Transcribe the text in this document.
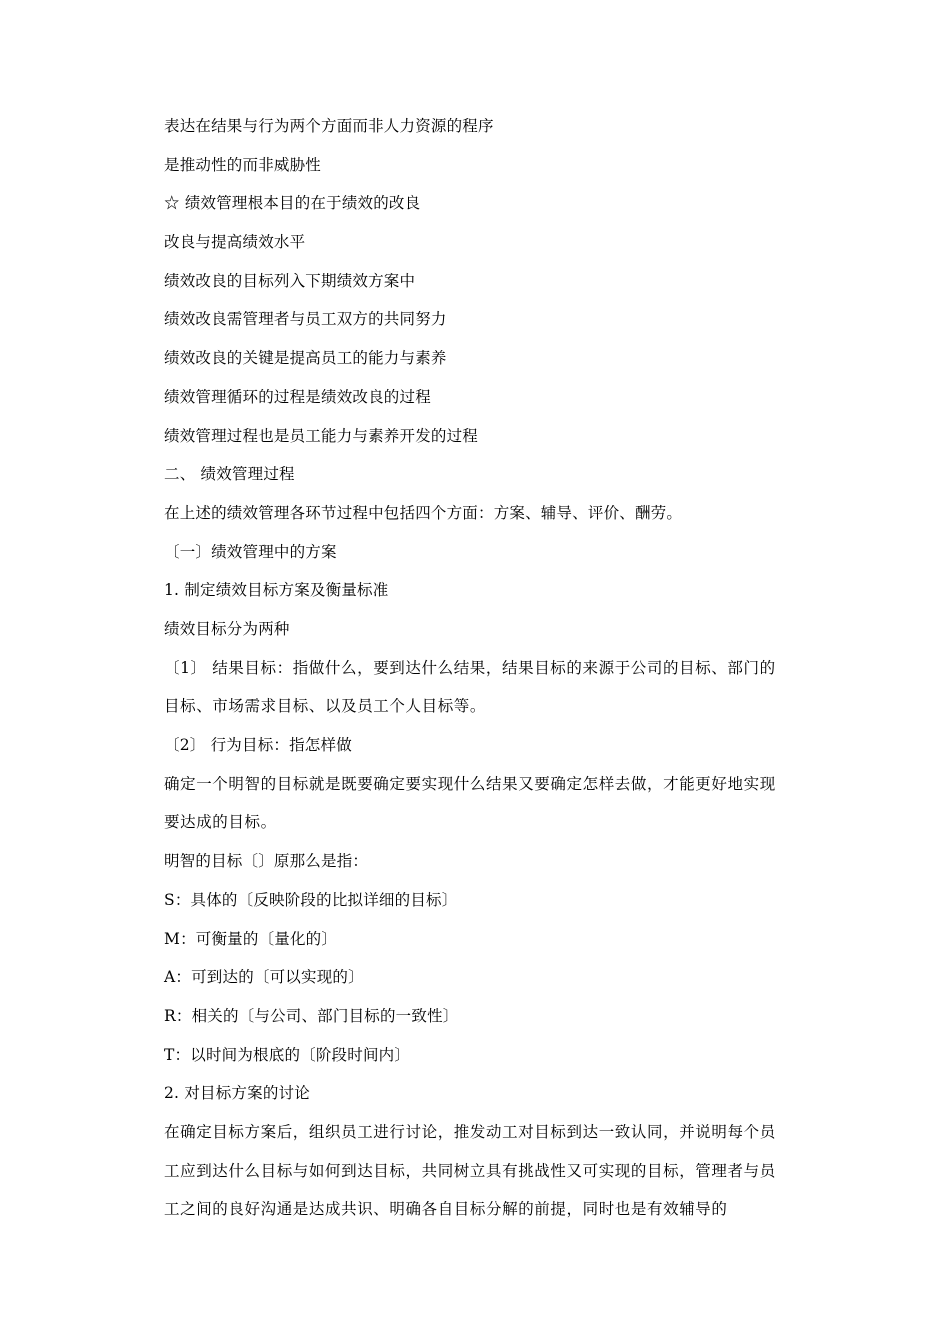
表达在结果与行为两个方面而非人力资源的程序
是推动性的而非威胁性
☆ 绩效管理根本目的在于绩效的改良
改良与提高绩效水平
绩效改良的目标列入下期绩效方案中
绩效改良需管理者与员工双方的共同努力
绩效改良的关键是提高员工的能力与素养
绩效管理循环的过程是绩效改良的过程
绩效管理过程也是员工能力与素养开发的过程
二、 绩效管理过程
在上述的绩效管理各环节过程中包括四个方面：方案、辅导、评价、酬劳。
〔一〕绩效管理中的方案
1. 制定绩效目标方案及衡量标准
绩效目标分为两种
〔1〕 结果目标：指做什么，要到达什么结果，结果目标的来源于公司的目标、部门的目标、市场需求目标、以及员工个人目标等。
〔2〕 行为目标：指怎样做
确定一个明智的目标就是既要确定要实现什么结果又要确定怎样去做，才能更好地实现要达成的目标。
明智的目标〔〕原那么是指：
S：具体的〔反映阶段的比拟详细的目标〕
M：可衡量的〔量化的〕
A：可到达的〔可以实现的〕
R：相关的〔与公司、部门目标的一致性〕
T：以时间为根底的〔阶段时间内〕
2. 对目标方案的讨论
在确定目标方案后，组织员工进行讨论，推发动工对目标到达一致认同，并说明每个员工应到达什么目标与如何到达目标，共同树立具有挑战性又可实现的目标，管理者与员工之间的良好沟通是达成共识、明确各自目标分解的前提，同时也是有效辅导的
